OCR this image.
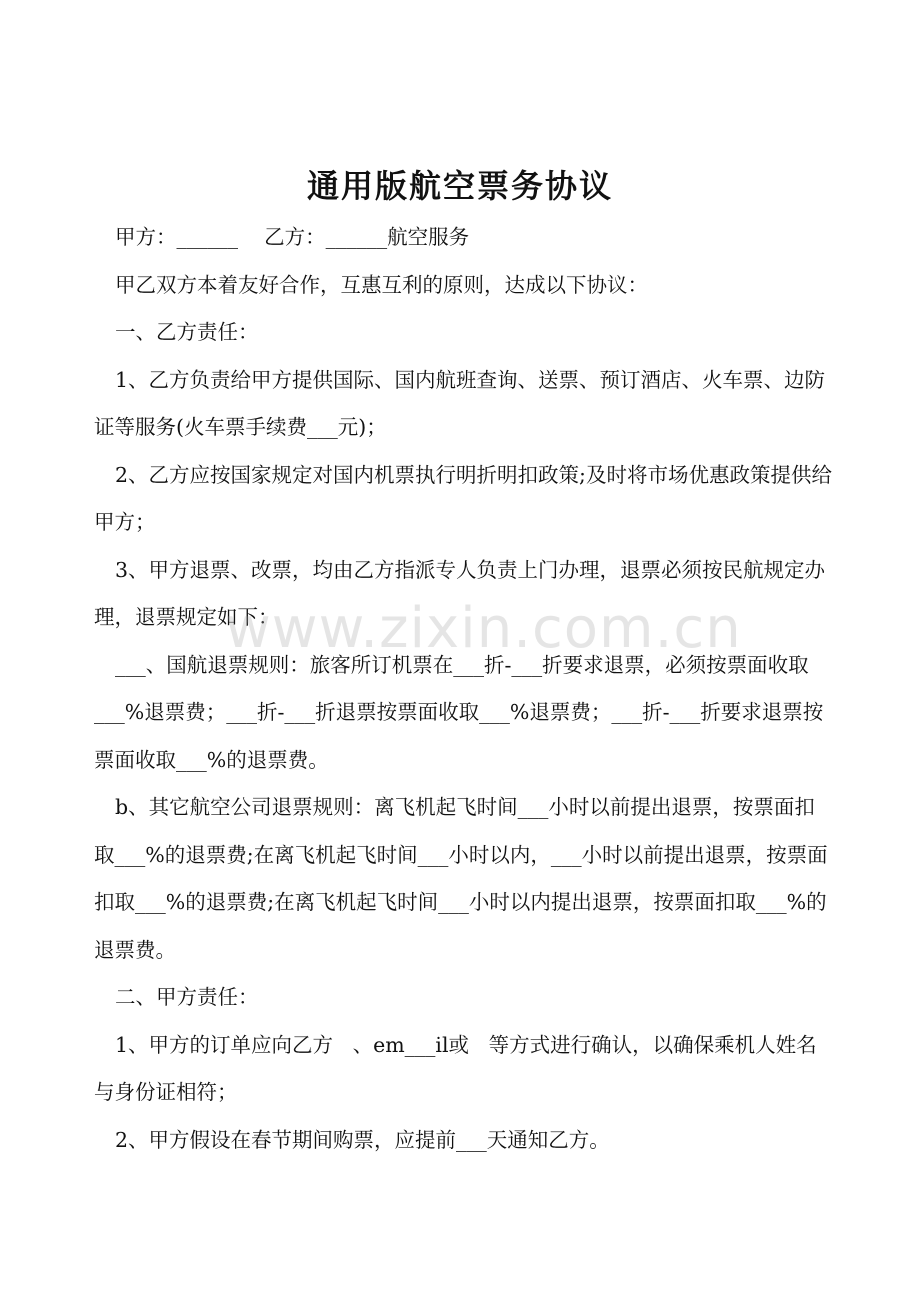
通用版航空票务协议

甲方：______    乙方：______航空服务

甲乙双方本着友好合作，互惠互利的原则，达成以下协议：

一、乙方责任：

1、乙方负责给甲方提供国际、国内航班查询、送票、预订酒店、火车票、边防证等服务(火车票手续费___元)；

2、乙方应按国家规定对国内机票执行明折明扣政策;及时将市场优惠政策提供给甲方；

3、甲方退票、改票，均由乙方指派专人负责上门办理，退票必须按民航规定办理，退票规定如下：

___、国航退票规则：旅客所订机票在___折-___折要求退票，必须按票面收取___%退票费；___折-___折退票按票面收取___%退票费；___折-___折要求退票按票面收取___%的退票费。

b、其它航空公司退票规则：离飞机起飞时间___小时以前提出退票，按票面扣取___%的退票费;在离飞机起飞时间___小时以内，___小时以前提出退票，按票面扣取___%的退票费;在离飞机起飞时间___小时以内提出退票，按票面扣取___%的退票费。

二、甲方责任：

1、甲方的订单应向乙方   、em___il或   等方式进行确认，以确保乘机人姓名与身份证相符；

2、甲方假设在春节期间购票，应提前___天通知乙方。

www.zixin.com.cn
